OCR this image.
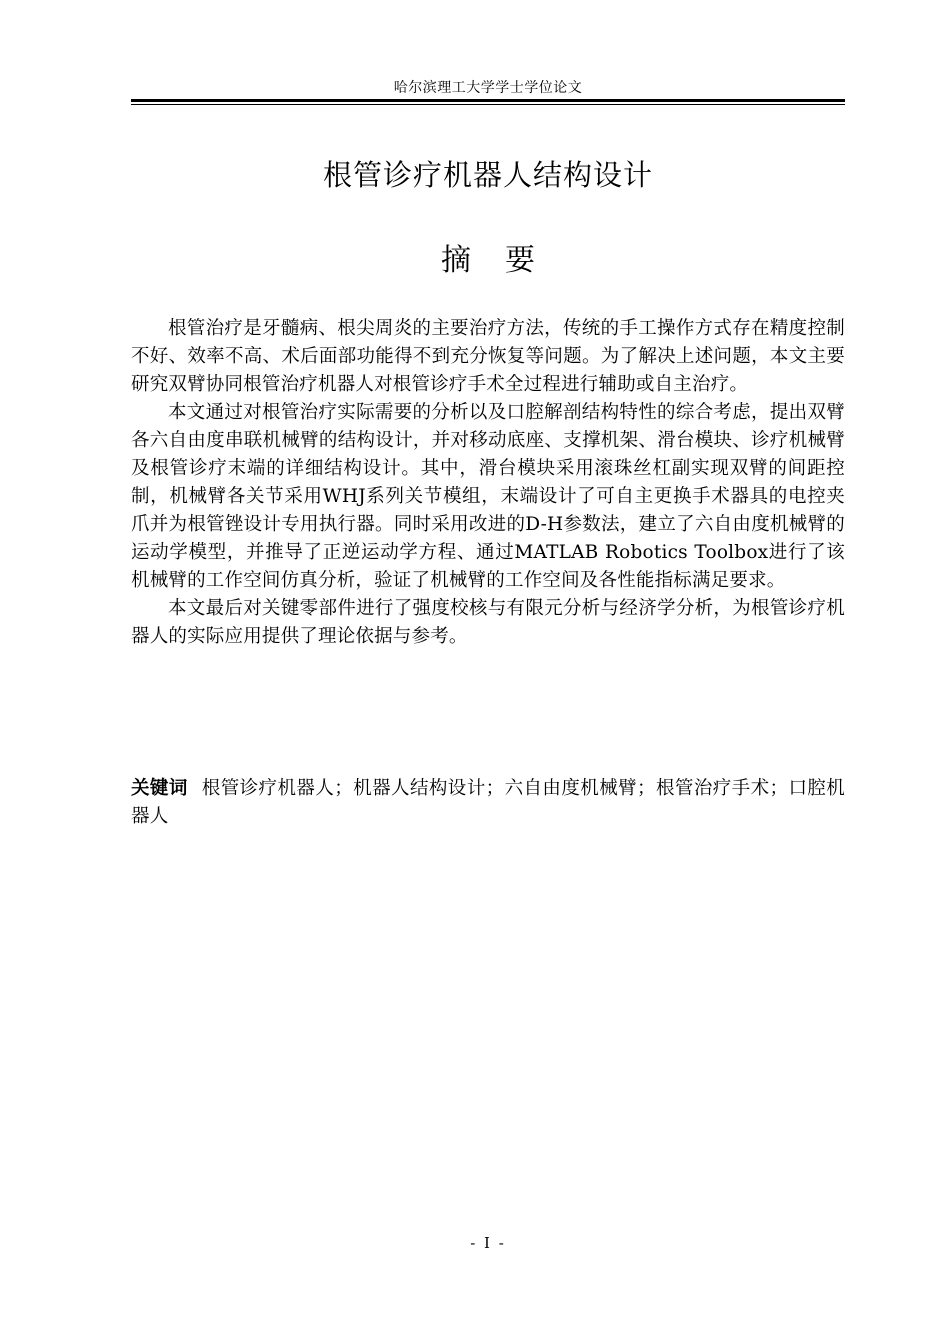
哈尔滨理工大学学士学位论文
根管诊疗机器人结构设计
摘要

根管治疗是牙髓病、根尖周炎的主要治疗方法，传统的手工操作方式存在精度控制不好、效率不高、术后面部功能得不到充分恢复等问题。为了解决上述问题，本文主要研究双臂协同根管治疗机器人对根管诊疗手术全过程进行辅助或自主治疗。

本文通过对根管治疗实际需要的分析以及口腔解剖结构特性的综合考虑，提出双臂各六自由度串联机械臂的结构设计，并对移动底座、支撑机架、滑台模块、诊疗机械臂及根管诊疗末端的详细结构设计。其中，滑台模块采用滚珠丝杠副实现双臂的间距控制，机械臂各关节采用WHJ系列关节模组，末端设计了可自主更换手术器具的电控夹爪并为根管锉设计专用执行器。同时采用改进的D-H参数法，建立了六自由度机械臂的运动学模型，并推导了正逆运动学方程、通过MATLAB Robotics Toolbox进行了该机械臂的工作空间仿真分析，验证了机械臂的工作空间及各性能指标满足要求。

本文最后对关键零部件进行了强度校核与有限元分析与经济学分析，为根管诊疗机器人的实际应用提供了理论依据与参考。

关键词 根管诊疗机器人；机器人结构设计；六自由度机械臂；根管治疗手术；口腔机器人
- I -
